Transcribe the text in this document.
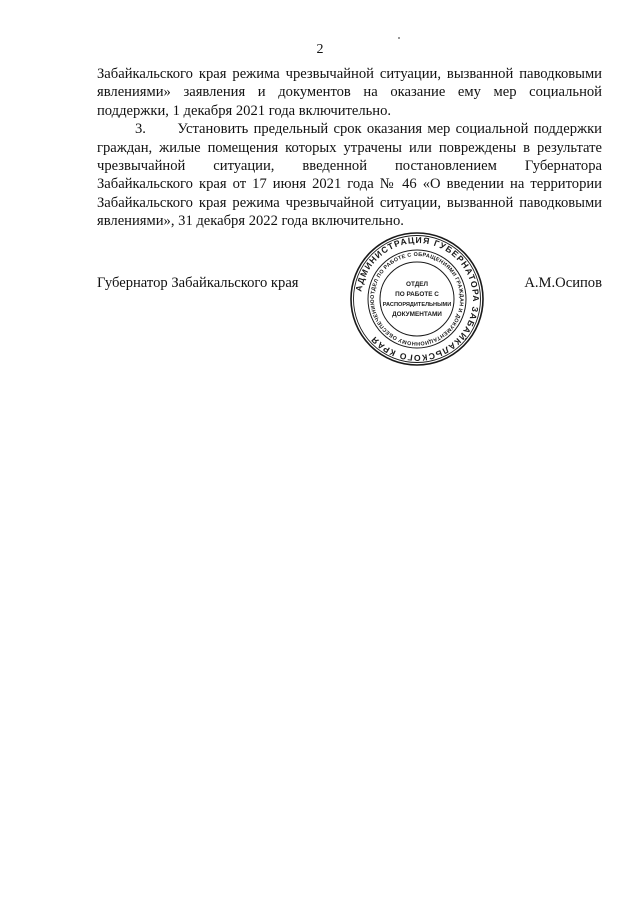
2

Забайкальского края режима чрезвычайной ситуации, вызванной паводковыми явлениями» заявления и документов на оказание ему мер социальной поддержки, 1 декабря 2021 года включительно.

3.      Установить предельный срок оказания мер социальной поддержки граждан, жилые помещения которых утрачены или повреждены в результате чрезвычайной ситуации, введенной постановлением Губернатора Забайкальского края от 17 июня 2021 года № 46 «О введении на территории Забайкальского края режима чрезвычайной ситуации, вызванной паводковыми явлениями», 31 декабря 2022 года включительно.

Губернатор Забайкальского края	А.М.Осипов
АДМИНИСТРАЦИЯ ГУБЕРНАТОРА ЗАБАЙКАЛЬСКОГО КРАЯ
ОТДЕЛ ПО РАБОТЕ С ОБРАЩЕНИЯМИ ГРАЖДАН И ДОКУМЕНТАЦИОННОМУ ОБЕСПЕЧЕНИЮ
ОТДЕЛ
ПО РАБОТЕ С
РАСПОРЯДИТЕЛЬНЫМИ
ДОКУМЕНТАМИ
